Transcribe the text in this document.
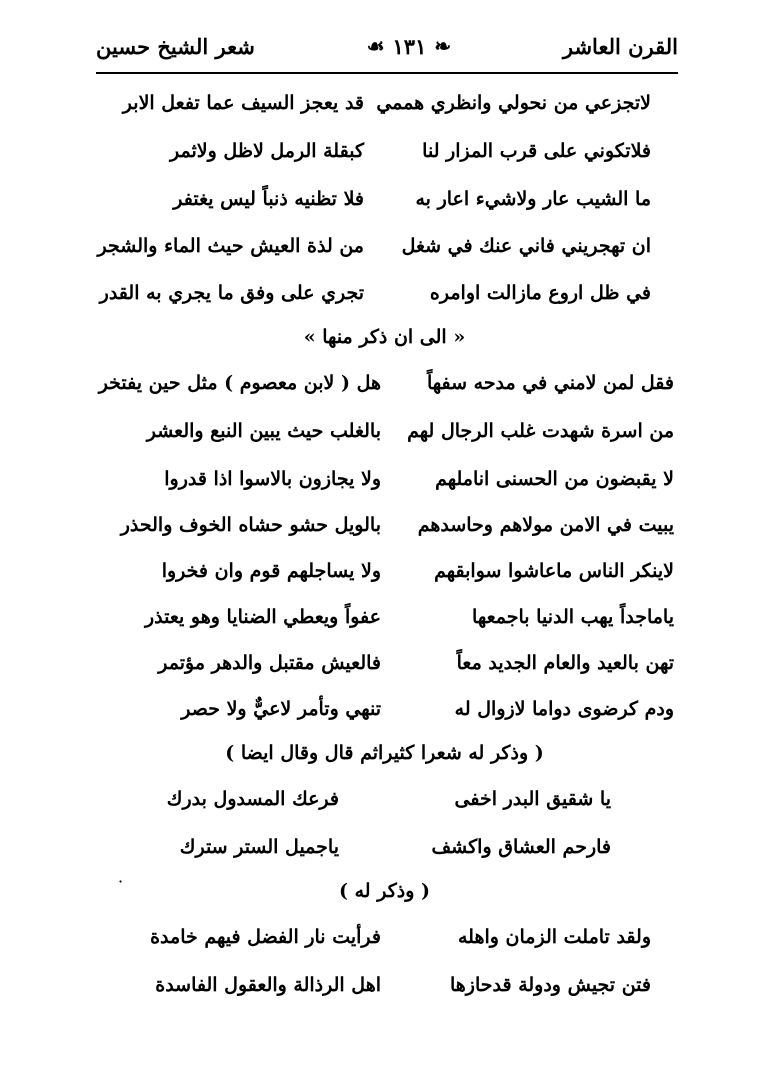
القرن العاشر
❧
١٣١
☙
شعر الشيخ حسين
لاتجزعي من نحولي وانظري هممي
قد يعجز السيف عما تفعل الابر
فلاتكوني على قرب المزار لنا
كبقلة الرمل لاظل ولاثمر
ما الشيب عار ولاشيء اعار به
فلا تظنيه ذنباً ليس يغتفر
ان تهجريني فاني عنك في شغل
من لذة العيش حيث الماء والشجر
في ظل اروع مازالت اوامره
تجري على وفق ما يجري به القدر
« الى ان ذكر منها »
فقل لمن لامني في مدحه سفهاً
هل ( لابن معصوم ) مثل حين يفتخر
من اسرة شهدت غلب الرجال لهم
بالغلب حيث يبين النبع والعشر
لا يقبضون من الحسنى اناملهم
ولا يجازون بالاسوا اذا قدروا
يبيت في الامن مولاهم وحاسدهم
بالويل حشو حشاه الخوف والحذر
لاينكر الناس ماعاشوا سوابقهم
ولا يساجلهم قوم وان فخروا
ياماجداً يهب الدنيا باجمعها
عفواً ويعطي الضنايا وهو يعتذر
تهن بالعيد والعام الجديد معاً
فالعيش مقتبل والدهر مؤتمر
ودم كرضوى دواما لازوال له
تنهي وتأمر لاعيٌّ ولا حصر
( وذكر له شعرا كثيراثم قال وقال ايضا )
يا شقيق البدر اخفى
فرعك المسدول بدرك
فارحم العشاق واكشف
ياجميل الستر سترك
·	( وذكر له )
ولقد تاملت الزمان واهله
فرأيت نار الفضل فيهم خامدة
فتن تجيش ودولة قدحازها
اهل الرذالة والعقول الفاسدة
